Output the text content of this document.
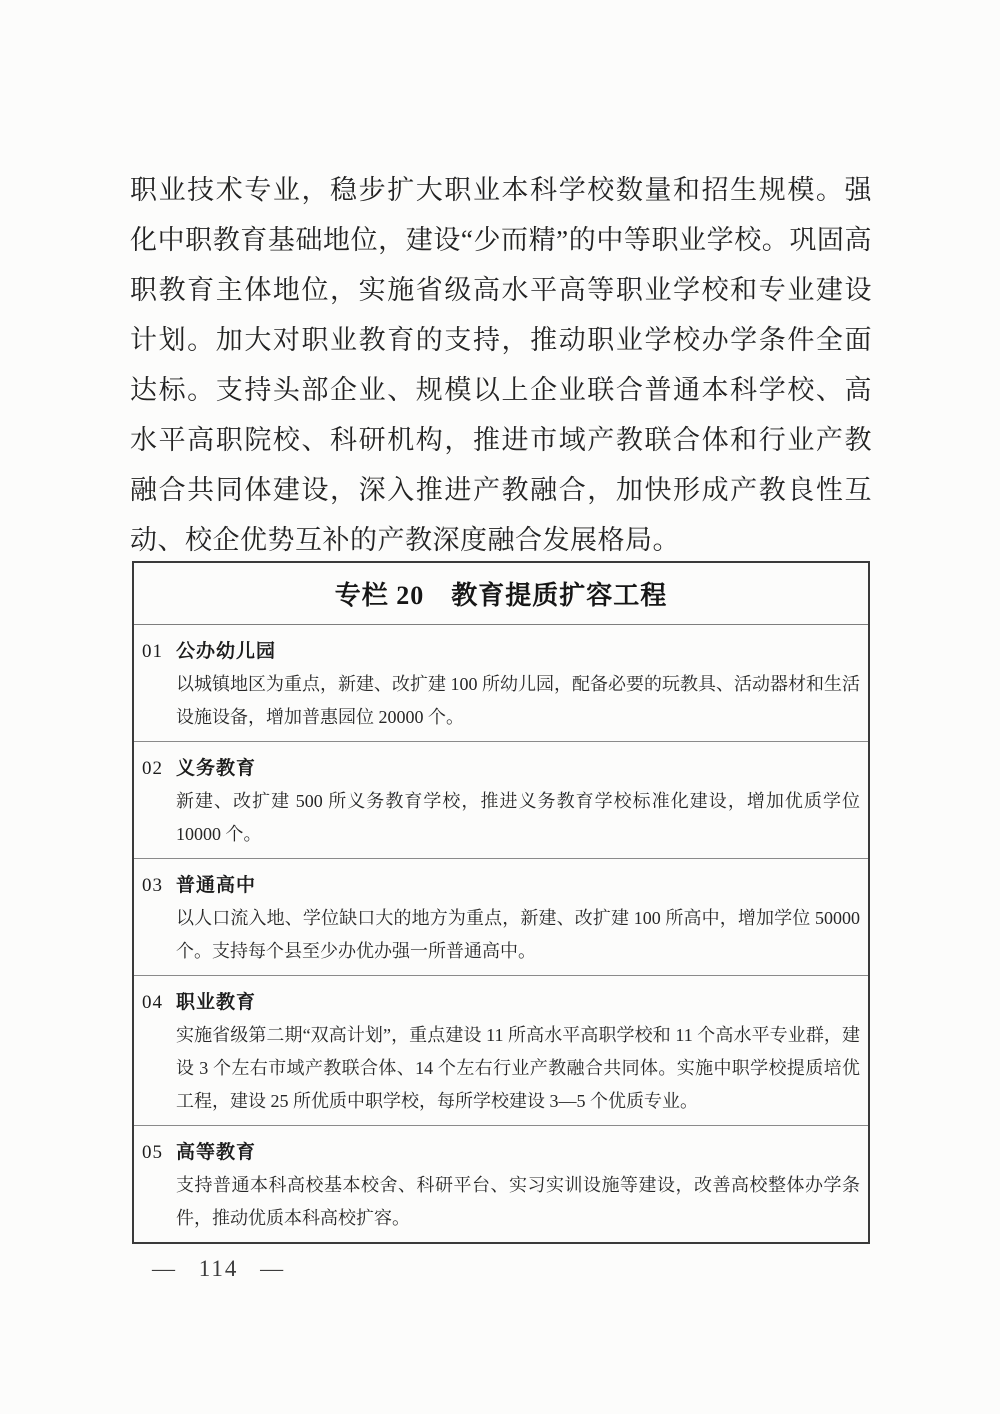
职业技术专业，稳步扩大职业本科学校数量和招生规模。强化中职教育基础地位，建设“少而精”的中等职业学校。巩固高职教育主体地位，实施省级高水平高等职业学校和专业建设计划。加大对职业教育的支持，推动职业学校办学条件全面达标。支持头部企业、规模以上企业联合普通本科学校、高水平高职院校、科研机构，推进市域产教联合体和行业产教融合共同体建设，深入推进产教融合，加快形成产教良性互动、校企优势互补的产教深度融合发展格局。

专栏 20　教育提质扩容工程
01 公办幼儿园

以城镇地区为重点，新建、改扩建 100 所幼儿园，配备必要的玩教具、活动器材和生活设施设备，增加普惠园位 20000 个。

02 义务教育

新建、改扩建 500 所义务教育学校，推进义务教育学校标准化建设，增加优质学位 10000 个。

03 普通高中

以人口流入地、学位缺口大的地方为重点，新建、改扩建 100 所高中，增加学位 50000 个。支持每个县至少办优办强一所普通高中。

04 职业教育

实施省级第二期“双高计划”，重点建设 11 所高水平高职学校和 11 个高水平专业群，建设 3 个左右市域产教联合体、14 个左右行业产教融合共同体。实施中职学校提质培优工程，建设 25 所优质中职学校，每所学校建设 3—5 个优质专业。

05 高等教育

支持普通本科高校基本校舍、科研平台、实习实训设施等建设，改善高校整体办学条件，推动优质本科高校扩容。

— 114 —
